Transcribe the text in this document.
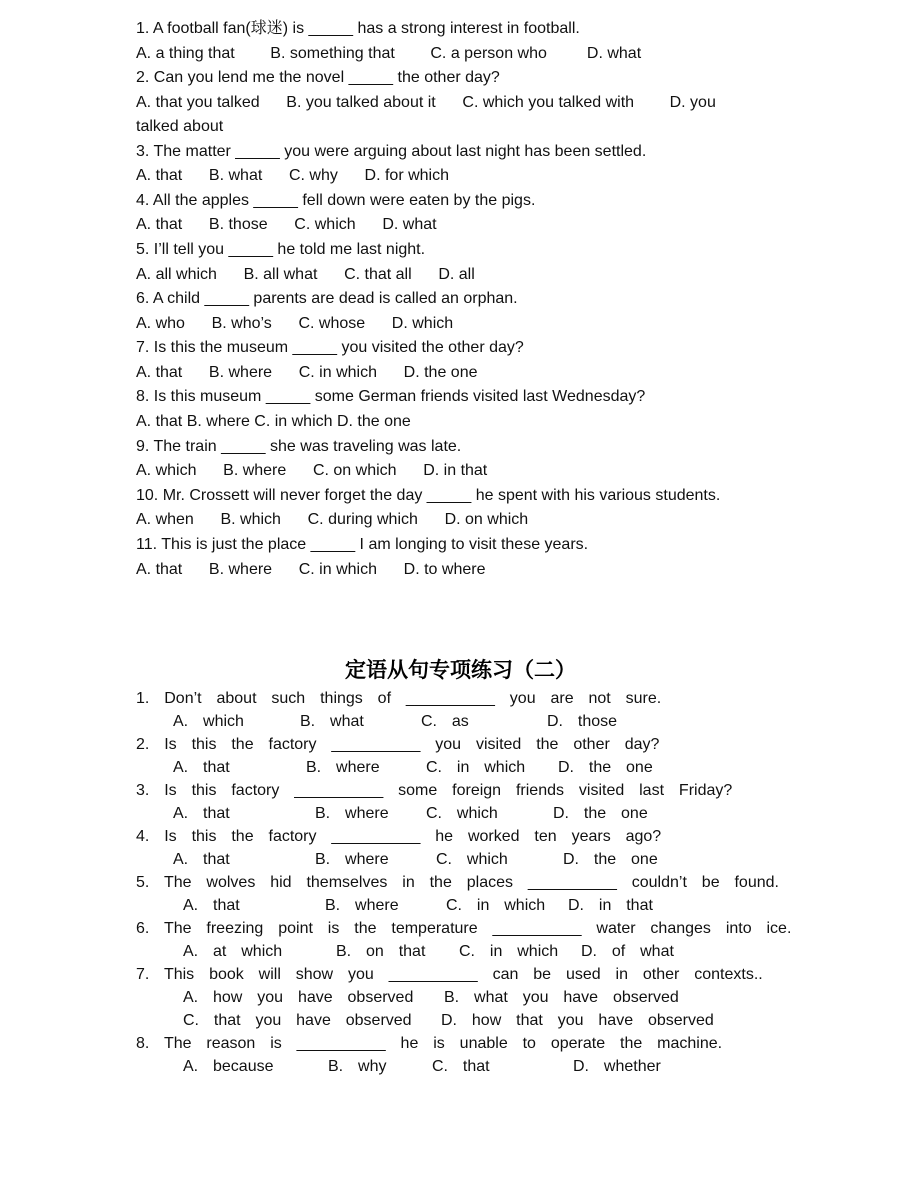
1. A football fan(球迷) is _____ has a strong interest in football.
A. a thing that        B. something that        C. a person who         D. what
2. Can you lend me the novel _____ the other day?
A. that you talked      B. you talked about it      C. which you talked with        D. you
talked about
3. The matter _____ you were arguing about last night has been settled.
A. that      B. what      C. why      D. for which
4. All the apples _____ fell down were eaten by the pigs.
A. that      B. those      C. which      D. what
5. I’ll tell you _____ he told me last night.
A. all which      B. all what      C. that all      D. all
6. A child _____ parents are dead is called an orphan.
A. who      B. who’s      C. whose      D. which
7. Is this the museum _____ you visited the other day?
A. that      B. where      C. in which      D. the one
8. Is this museum _____ some German friends visited last Wednesday?
A. that B. where C. in which D. the one
9. The train _____ she was traveling was late.
A. which      B. where      C. on which      D. in that
10. Mr. Crossett will never forget the day _____ he spent with his various students.
A. when      B. which      C. during which      D. on which
11. This is just the place _____ I am longing to visit these years.
A. that      B. where      C. in which      D. to where
定语从句专项练习（二）
1.  Don’t  about  such  things  of  __________  you  are  not  sure.
A.  which	B.  what	C.  as	D.  those
2.  Is  this  the  factory  __________  you  visited  the  other  day?
A.  that	B.  where	C.  in  which D.  the  one
3.  Is  this  factory  __________  some  foreign  friends  visited  last  Friday?
A.  that	B.  where C.  which	D.  the  one
4.  Is  this  the  factory  __________  he  worked  ten  years  ago?
A.  that	B.  where	C.  which	D.  the  one
5.  The  wolves  hid  themselves  in  the  places  __________  couldn’t  be  found.
A.  that	B.  where	C.  in  which D.  in  that
6.  The  freezing  point  is  the  temperature  __________  water  changes  into  ice.
A.  at  which	B.  on  that C.  in  which D.  of  what
7.  This  book  will  show  you  __________  can  be  used  in  other  contexts..
A.  how  you  have  observed B.  what  you  have  observed
C.  that  you  have  observed D.  how  that  you  have  observed
8.  The  reason  is  __________  he  is  unable  to  operate  the  machine.
A.  because	B.  why	C.  that	D.  whether
